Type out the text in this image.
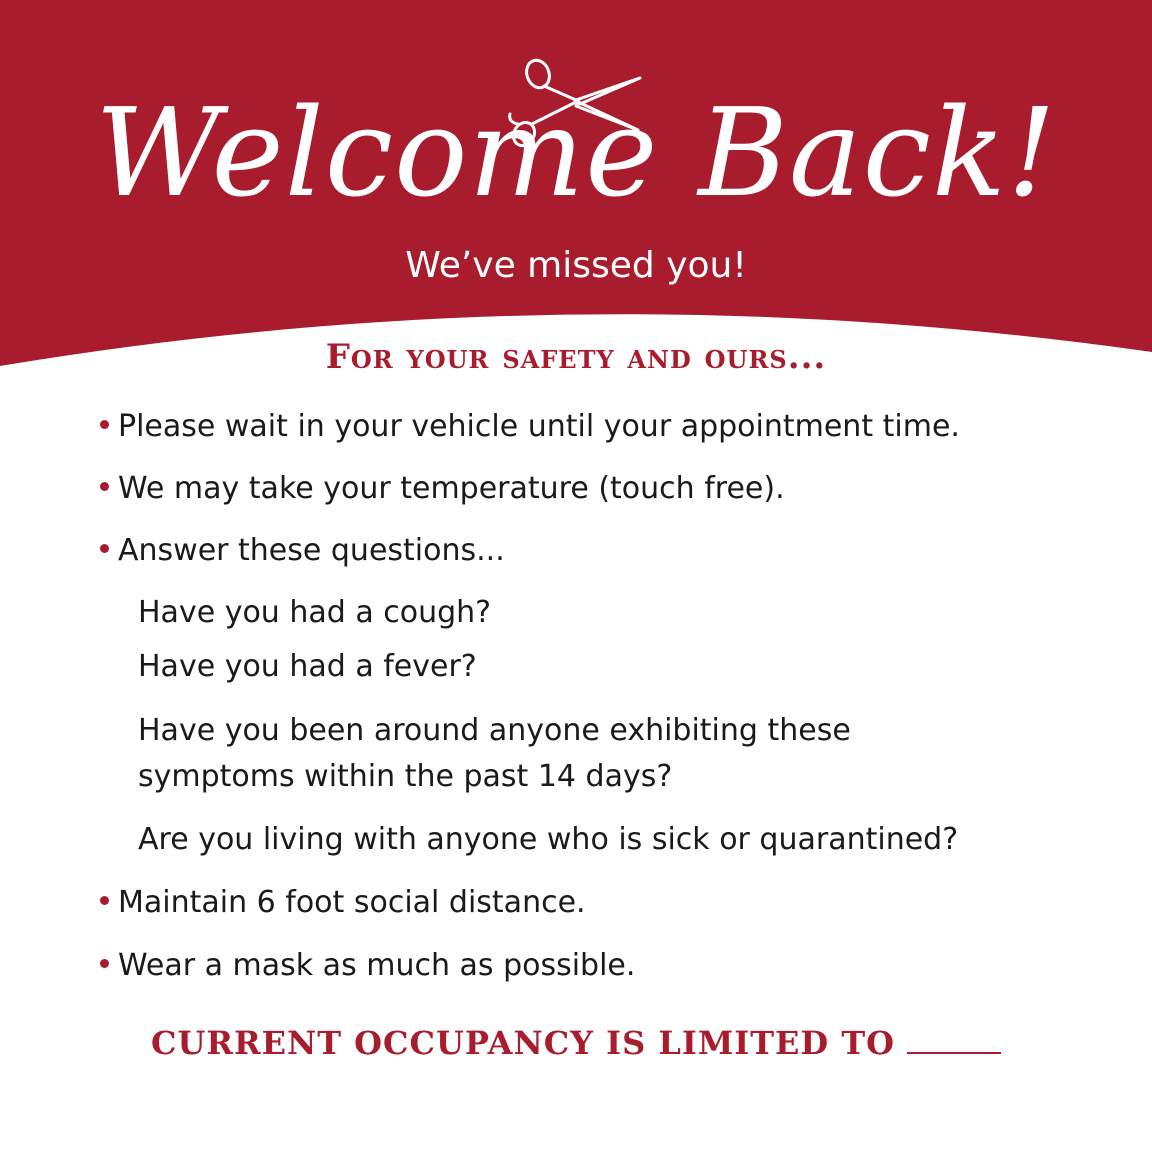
Welcome Back!

We’ve missed you!

For your safety and ours...

Please wait in your vehicle until your appointment time.

We may take your temperature (touch free).

Answer these questions...

Have you had a cough?

Have you had a fever?

Have you been around anyone exhibiting these

symptoms within the past 14 days?

Are you living with anyone who is sick or quarantined?

Maintain 6 foot social distance.

Wear a mask as much as possible.

CURRENT OCCUPANCY IS LIMITED TO
